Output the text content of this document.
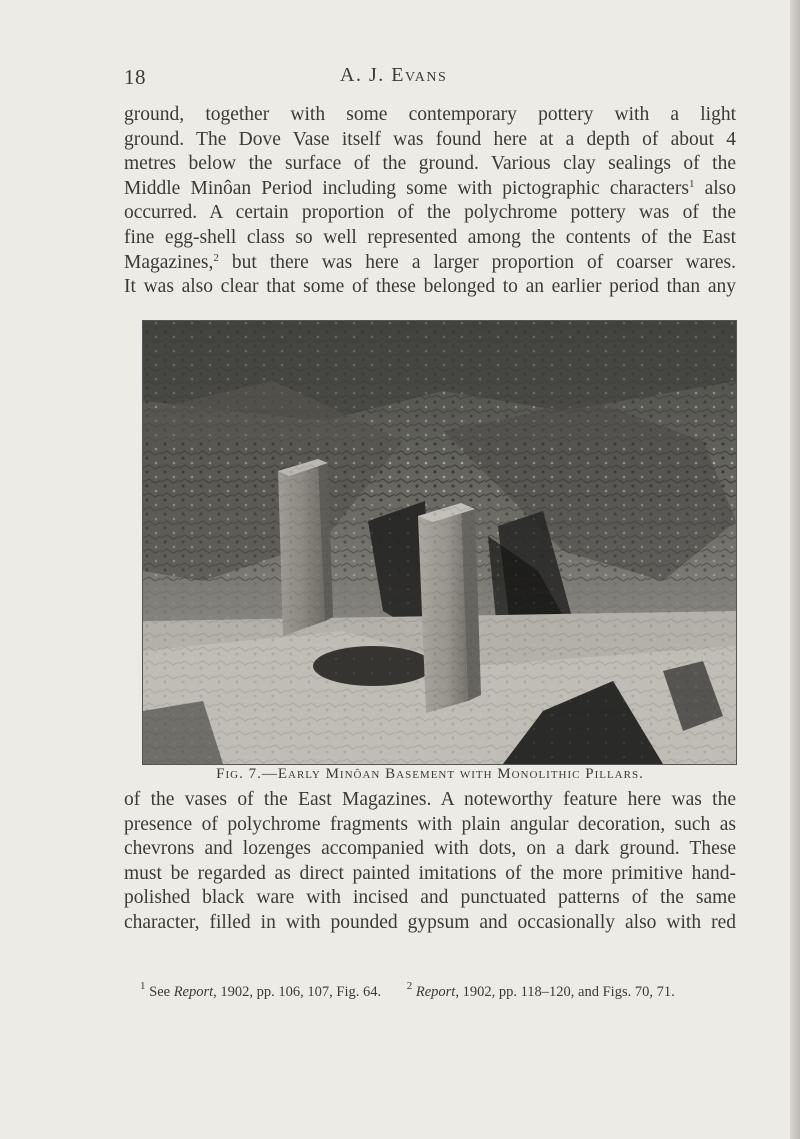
18	A. J. Evans
ground, together with some contemporary pottery with a light
ground. The Dove Vase itself was found here at a depth of about 4
metres below the surface of the ground. Various clay sealings of the
Middle Minôan Period including some with pictographic characters$^1$ also
occurred. A certain proportion of the polychrome pottery was of the
fine egg-shell class so well represented among the contents of the East
Magazines,$^2$ but there was here a larger proportion of coarser wares.
It was also clear that some of these belonged to an earlier period than any
Fig. 7.—Early Minôan Basement with Monolithic Pillars.
of the vases of the East Magazines. A noteworthy feature here was the
presence of polychrome fragments with plain angular decoration, such as
chevrons and lozenges accompanied with dots, on a dark ground. These
must be regarded as direct painted imitations of the more primitive hand-
polished black ware with incised and punctuated patterns of the same
character, filled in with pounded gypsum and occasionally also with red
$^1$ See Report, 1902, pp. 106, 107, Fig. 64. $^2$ Report, 1902, pp. 118–120, and Figs. 70, 71.
